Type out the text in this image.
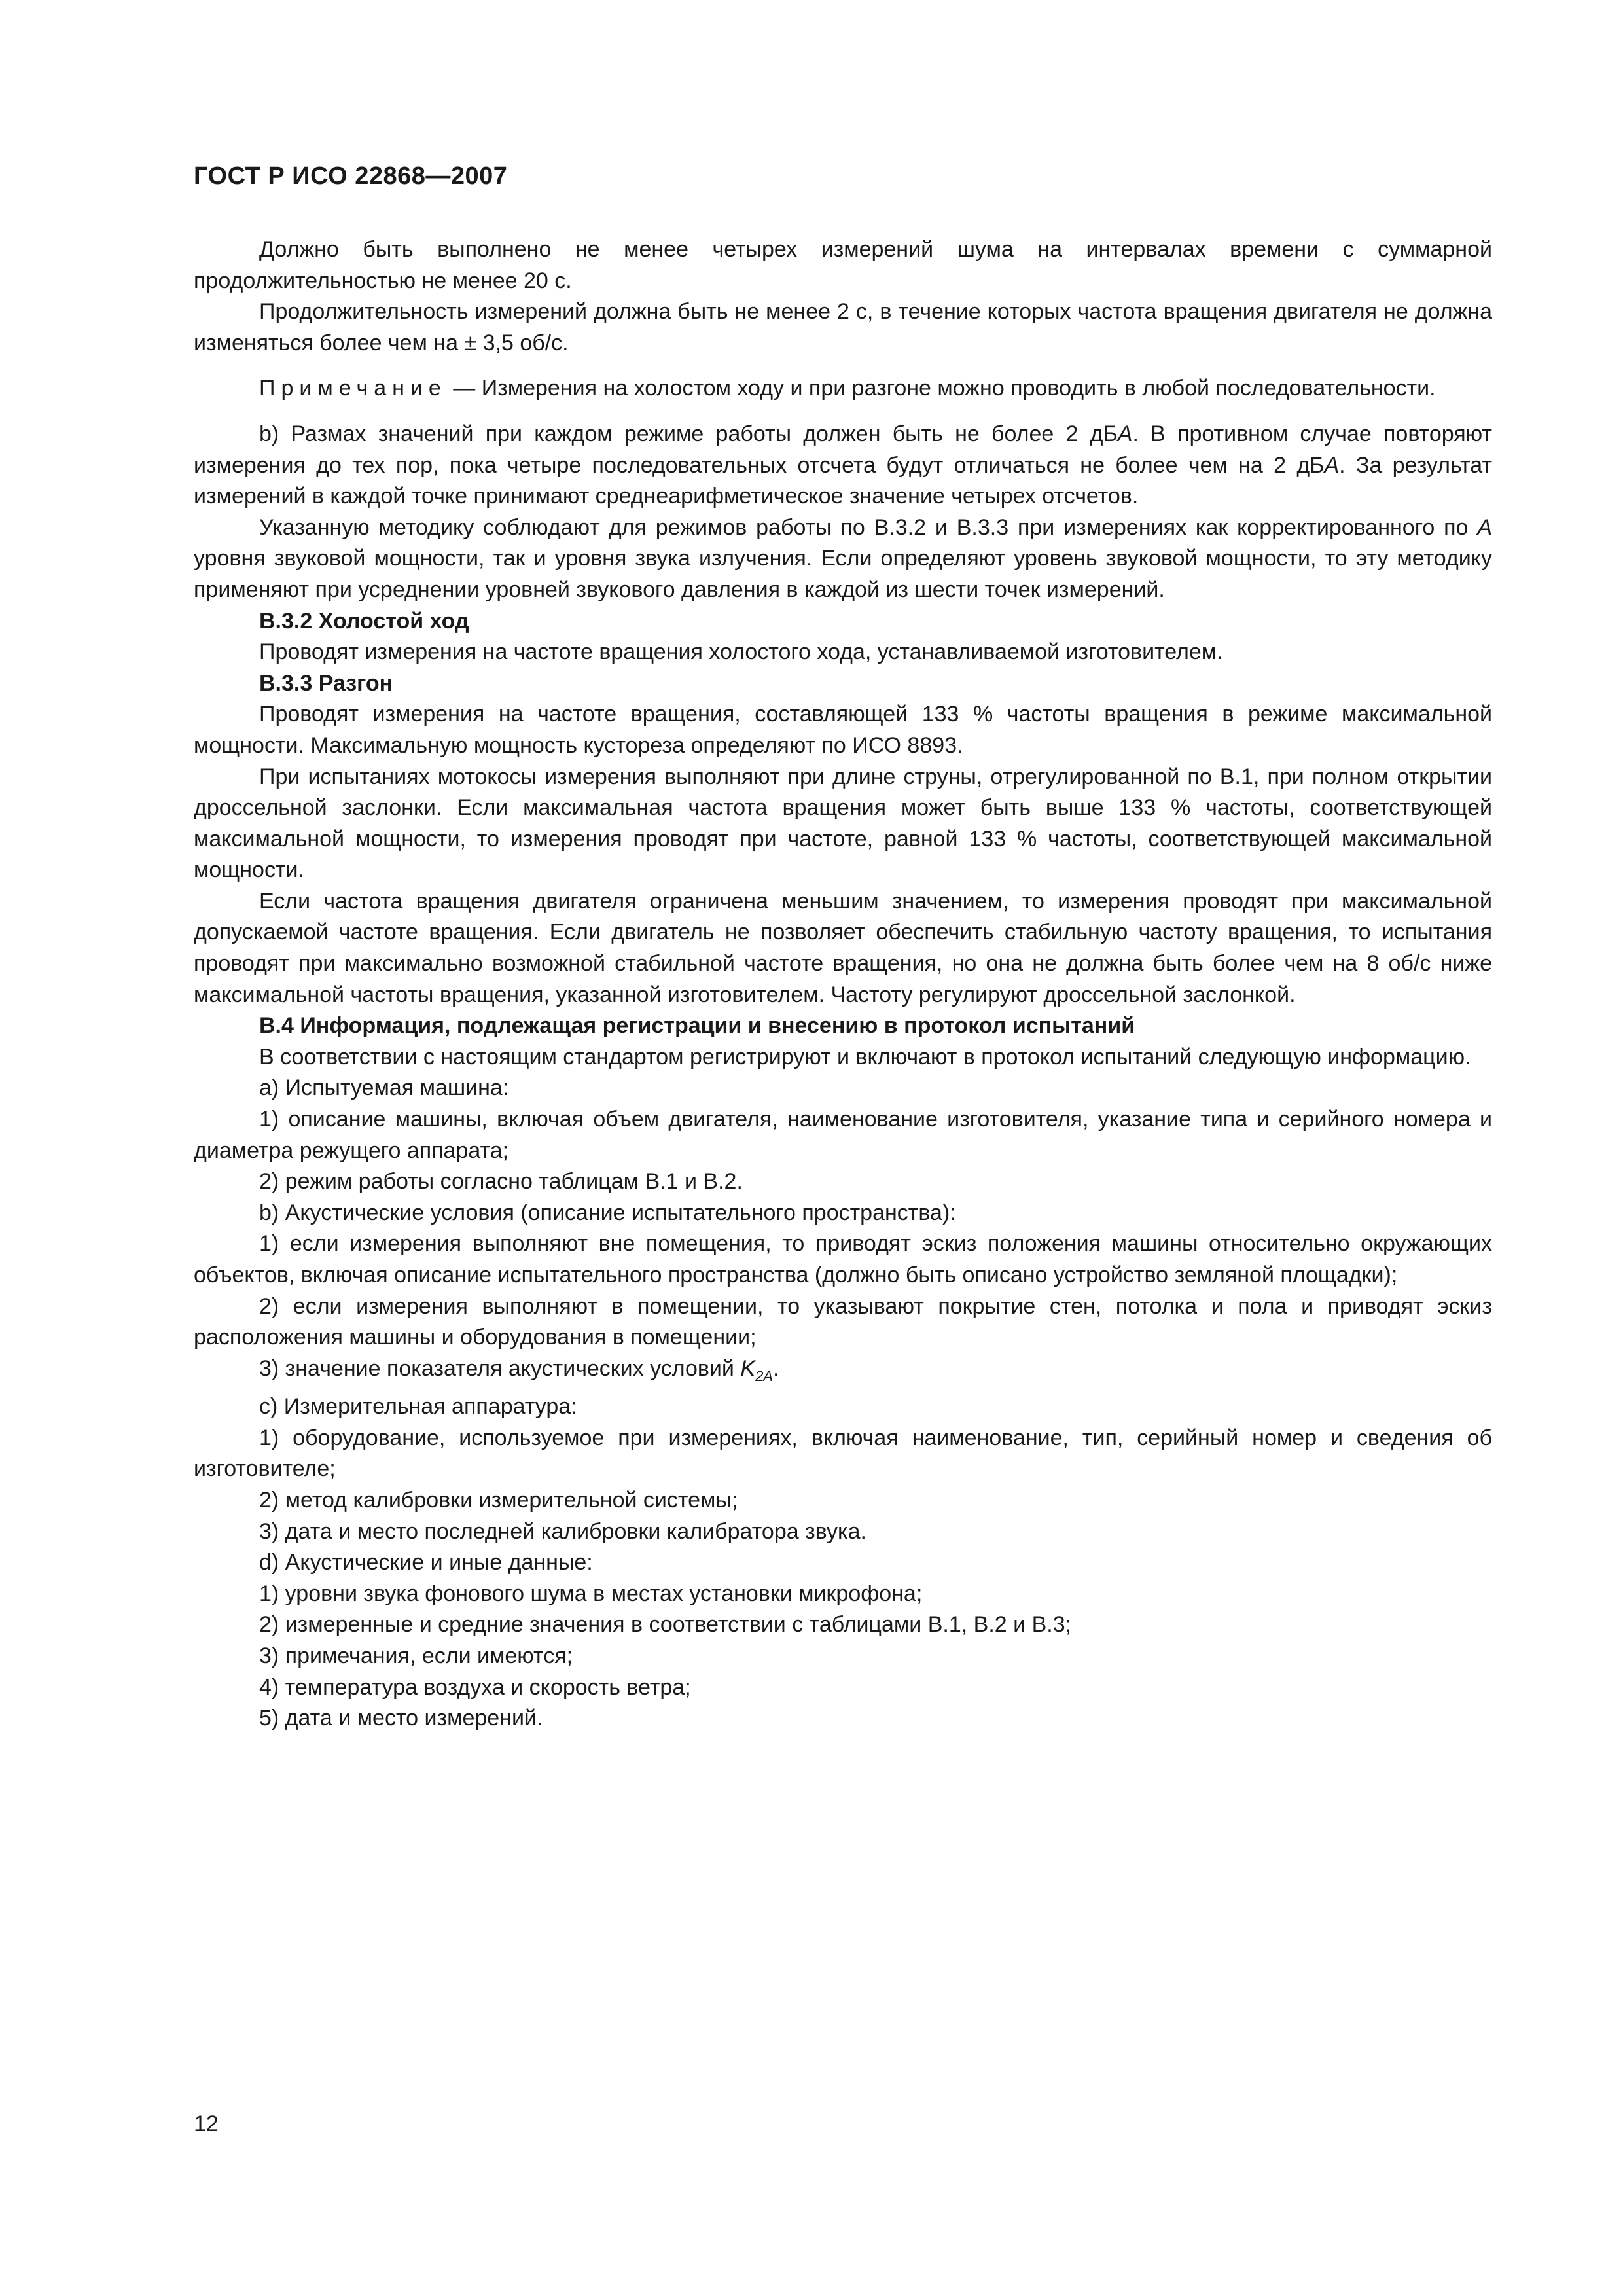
ГОСТ Р ИСО 22868—2007

Должно быть выполнено не менее четырех измерений шума на интервалах времени с суммарной продолжительностью не менее 20 с.

Продолжительность измерений должна быть не менее 2 с, в течение которых частота вращения двигателя не должна изменяться более чем на ± 3,5 об/с.

Примечание — Измерения на холостом ходу и при разгоне можно проводить в любой последовательности.

b) Размах значений при каждом режиме работы должен быть не более 2 дБA. В противном случае повторяют измерения до тех пор, пока четыре последовательных отсчета будут отличаться не более чем на 2 дБA. За результат измерений в каждой точке принимают среднеарифметическое значение четырех отсчетов.

Указанную методику соблюдают для режимов работы по В.3.2 и В.3.3 при измерениях как корректированного по А уровня звуковой мощности, так и уровня звука излучения. Если определяют уровень звуковой мощности, то эту методику применяют при усреднении уровней звукового давления в каждой из шести точек измерений.

В.3.2 Холостой ход

Проводят измерения на частоте вращения холостого хода, устанавливаемой изготовителем.

В.3.3 Разгон

Проводят измерения на частоте вращения, составляющей 133 % частоты вращения в режиме максимальной мощности. Максимальную мощность кустореза определяют по ИСО 8893.

При испытаниях мотокосы измерения выполняют при длине струны, отрегулированной по В.1, при полном открытии дроссельной заслонки. Если максимальная частота вращения может быть выше 133 % частоты, соответствующей максимальной мощности, то измерения проводят при частоте, равной 133 % частоты, соответствующей максимальной мощности.

Если частота вращения двигателя ограничена меньшим значением, то измерения проводят при максимальной допускаемой частоте вращения. Если двигатель не позволяет обеспечить стабильную частоту вращения, то испытания проводят при максимально возможной стабильной частоте вращения, но она не должна быть более чем на 8 об/с ниже максимальной частоты вращения, указанной изготовителем. Частоту регулируют дроссельной заслонкой.

В.4 Информация, подлежащая регистрации и внесению в протокол испытаний

В соответствии с настоящим стандартом регистрируют и включают в протокол испытаний следующую информацию.

а) Испытуемая машина:

1) описание машины, включая объем двигателя, наименование изготовителя, указание типа и серийного номера и диаметра режущего аппарата;

2) режим работы согласно таблицам В.1 и В.2.

b) Акустические условия (описание испытательного пространства):

1) если измерения выполняют вне помещения, то приводят эскиз положения машины относительно окружающих объектов, включая описание испытательного пространства (должно быть описано устройство земляной площадки);

2) если измерения выполняют в помещении, то указывают покрытие стен, потолка и пола и приводят эскиз расположения машины и оборудования в помещении;

3) значение показателя акустических условий $K_{2A}$.

с) Измерительная аппаратура:

1) оборудование, используемое при измерениях, включая наименование, тип, серийный номер и сведения об изготовителе;

2) метод калибровки измерительной системы;

3) дата и место последней калибровки калибратора звука.

d) Акустические и иные данные:

1) уровни звука фонового шума в местах установки микрофона;

2) измеренные и средние значения в соответствии с таблицами В.1, В.2 и В.3;

3) примечания, если имеются;

4) температура воздуха и скорость ветра;

5) дата и место измерений.

12
